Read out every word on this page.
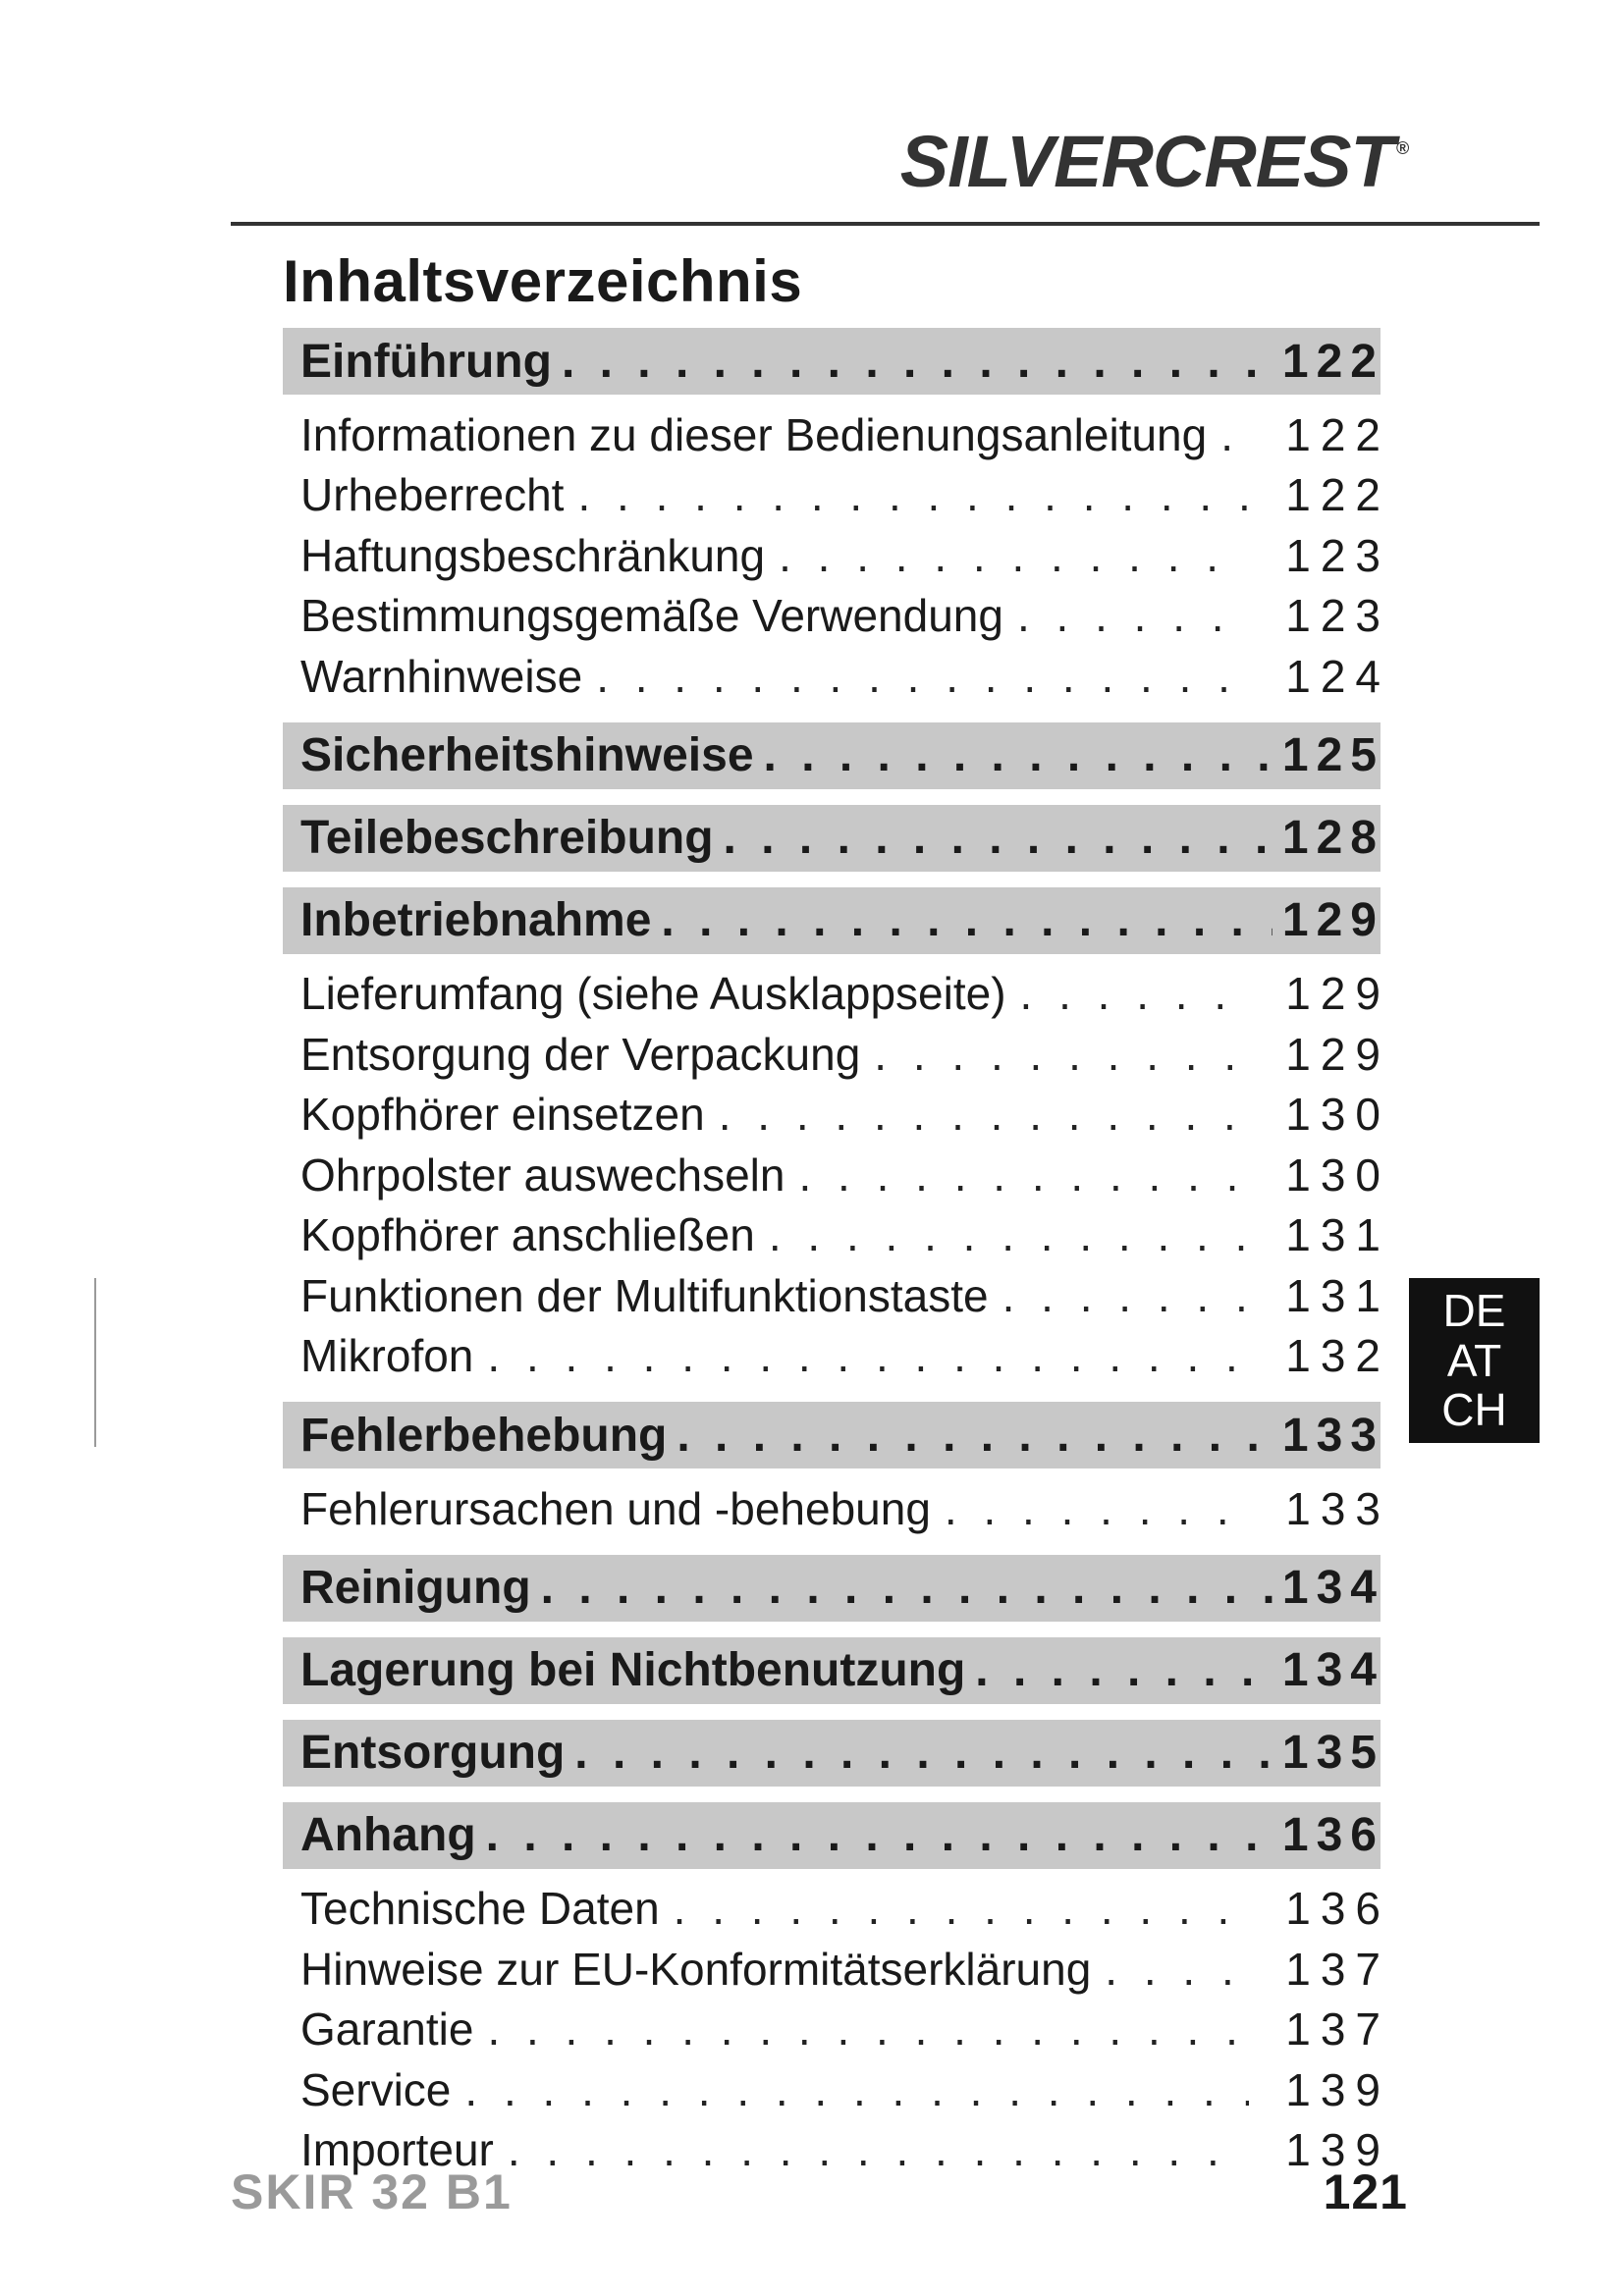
SILVERCREST ®
Inhaltsverzeichnis
Einführung . . .	122
Informationen zu dieser Bedienungsanleitung . . .	122
Urheberrecht . . .	122
Haftungsbeschränkung . . .	123
Bestimmungsgemäße Verwendung . . .	123
Warnhinweise . . .	124
Sicherheitshinweise . . .	125
Teilebeschreibung . . .	128
Inbetriebnahme . . .	129
Lieferumfang (siehe Ausklappseite) . . .	129
Entsorgung der Verpackung . . .	129
Kopfhörer einsetzen . . .	130
Ohrpolster auswechseln . . .	130
Kopfhörer anschließen . . .	131
Funktionen der Multifunktionstaste . . .	131
Mikrofon . . .	132
Fehlerbehebung . . .	133
Fehlerursachen und -behebung . . .	133
Reinigung . . .	134
Lagerung bei Nichtbenutzung . . .	134
Entsorgung . . .	135
Anhang . . .	136
Technische Daten . . .	136
Hinweise zur EU-Konformitätserklärung . . .	137
Garantie . . .	137
Service . . .	139
Importeur . . .	139
DE
AT
CH
SKIR 32 B1	121
